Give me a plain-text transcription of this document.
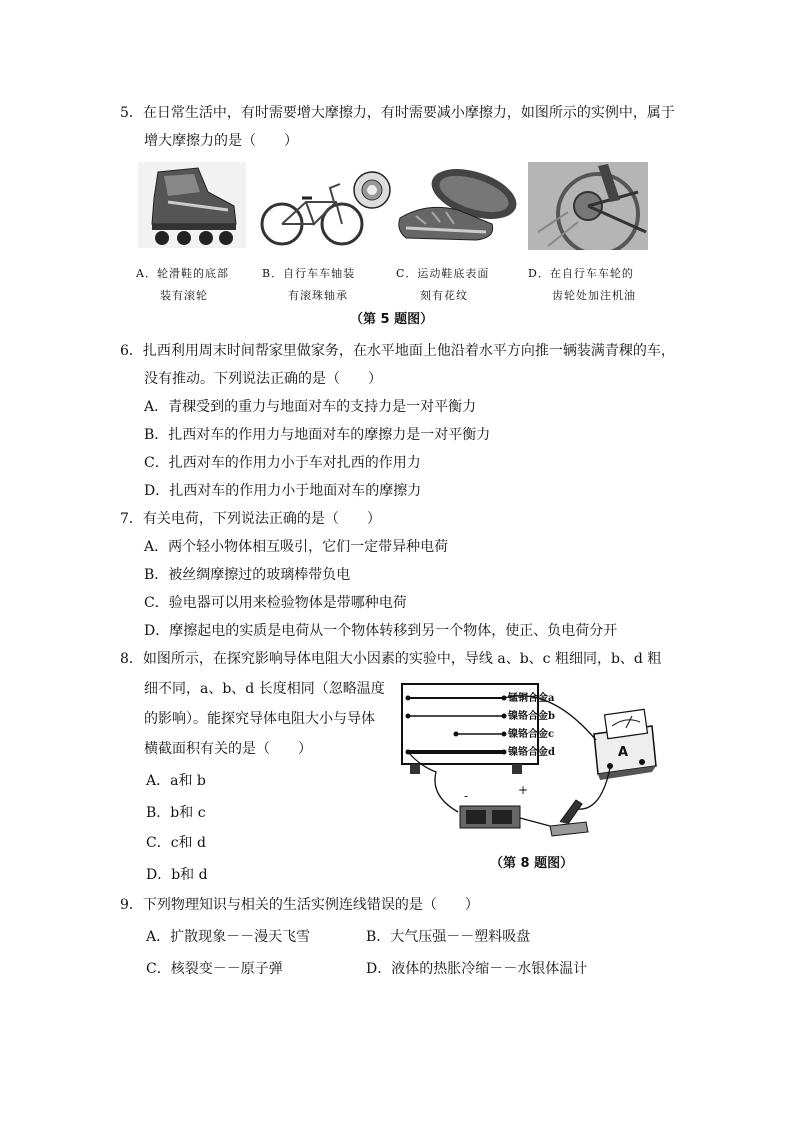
5．在日常生活中，有时需要增大摩擦力，有时需要减小摩擦力，如图所示的实例中，属于
增大摩擦力的是（　　）
A．轮滑鞋的底部
装有滚轮
B．自行车车轴装
有滚珠轴承
C．运动鞋底表面
刻有花纹
D．在自行车车轮的
齿轮处加注机油
（第 5 题图）
6．扎西利用周末时间帮家里做家务，在水平地面上他沿着水平方向推一辆装满青稞的车，
没有推动。下列说法正确的是（　　）
A．青稞受到的重力与地面对车的支持力是一对平衡力
B．扎西对车的作用力与地面对车的摩擦力是一对平衡力
C．扎西对车的作用力小于车对扎西的作用力
D．扎西对车的作用力小于地面对车的摩擦力
7．有关电荷，下列说法正确的是（　　）
A．两个轻小物体相互吸引，它们一定带异种电荷
B．被丝绸摩擦过的玻璃棒带负电
C．验电器可以用来检验物体是带哪种电荷
D．摩擦起电的实质是电荷从一个物体转移到另一个物体，使正、负电荷分开
8．如图所示，在探究影响导体电阻大小因素的实验中，导线 a、b、c 粗细同，b、d 粗
细不同，a、b、d 长度相同（忽略温度
的影响）。能探究导体电阻大小与导体
横截面积有关的是（　　）
A．a和 b
B．b和 c
C．c和 d
D．b和 d
锰铜合金a
镍铬合金b
镍铬合金c
镍铬合金d	A
-	+
（第 8 题图）
9．下列物理知识与相关的生活实例连线错误的是（　　）
A．扩散现象－－漫天飞雪	B．大气压强－－塑料吸盘
C．核裂变－－原子弹	D．液体的热胀冷缩－－水银体温计
